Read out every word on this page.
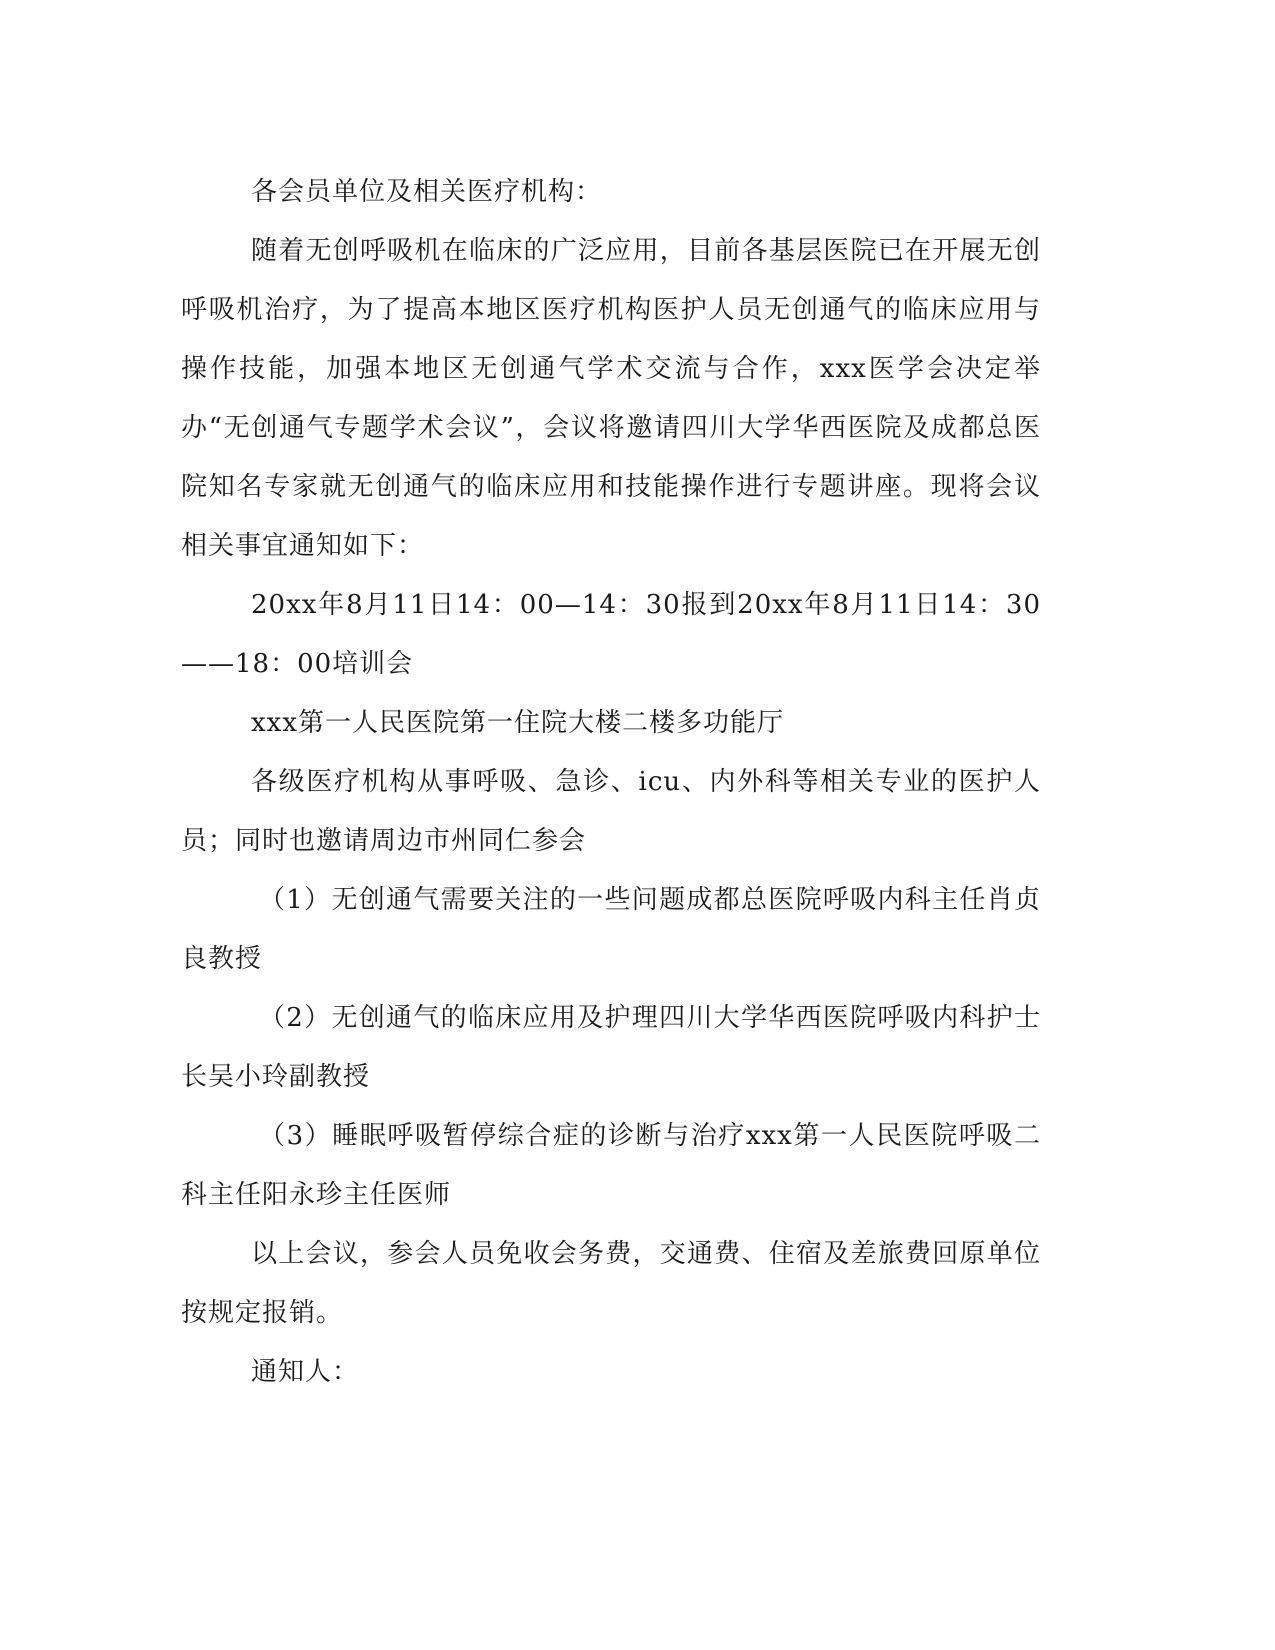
各会员单位及相关医疗机构：

随着无创呼吸机在临床的广泛应用，目前各基层医院已在开展无创呼吸机治疗，为了提高本地区医疗机构医护人员无创通气的临床应用与操作技能，加强本地区无创通气学术交流与合作，xxx医学会决定举办“无创通气专题学术会议”，会议将邀请四川大学华西医院及成都总医院知名专家就无创通气的临床应用和技能操作进行专题讲座。现将会议相关事宜通知如下：

20xx年8月11日14：00—14：30报到20xx年8月11日14：30——18：00培训会

xxx第一人民医院第一住院大楼二楼多功能厅

各级医疗机构从事呼吸、急诊、icu、内外科等相关专业的医护人员；同时也邀请周边市州同仁参会

（1）无创通气需要关注的一些问题成都总医院呼吸内科主任肖贞良教授

（2）无创通气的临床应用及护理四川大学华西医院呼吸内科护士长吴小玲副教授

（3）睡眠呼吸暂停综合症的诊断与治疗xxx第一人民医院呼吸二科主任阳永珍主任医师

以上会议，参会人员免收会务费，交通费、住宿及差旅费回原单位按规定报销。

通知人：
